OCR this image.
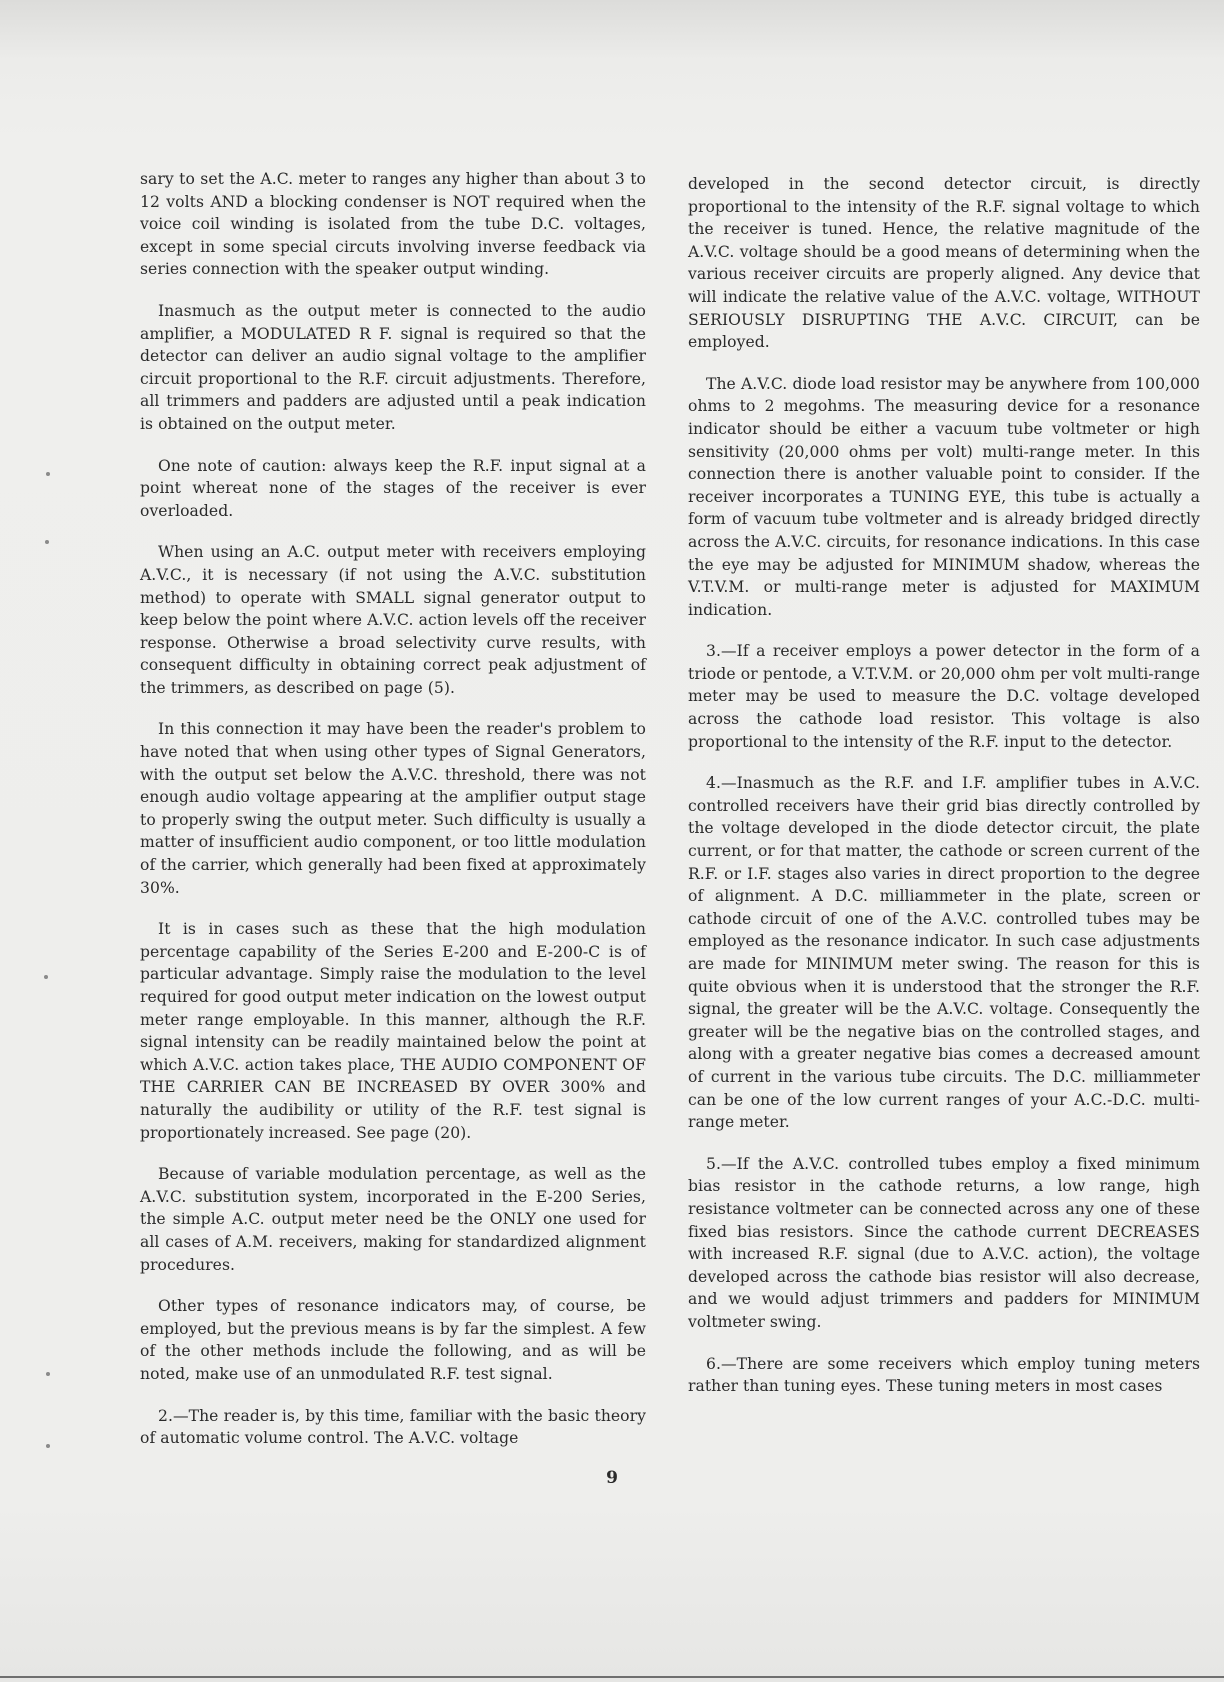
sary to set the A.C. meter to ranges any higher than about 3 to 12 volts AND a blocking condenser is NOT required when the voice coil winding is isolated from the tube D.C. voltages, except in some special circuts involving inverse feedback via series connection with the speaker output winding.

Inasmuch as the output meter is connected to the audio amplifier, a MODULATED R F. signal is required so that the detector can deliver an audio signal voltage to the amplifier circuit proportional to the R.F. circuit adjustments. Therefore, all trimmers and padders are adjusted until a peak indication is obtained on the output meter.

One note of caution: always keep the R.F. input signal at a point whereat none of the stages of the receiver is ever overloaded.

When using an A.C. output meter with receivers employing A.V.C., it is necessary (if not using the A.V.C. substitution method) to operate with SMALL signal generator output to keep below the point where A.V.C. action levels off the receiver response. Otherwise a broad selectivity curve results, with consequent difficulty in obtaining correct peak adjustment of the trimmers, as described on page (5).

In this connection it may have been the reader's problem to have noted that when using other types of Signal Generators, with the output set below the A.V.C. threshold, there was not enough audio voltage appearing at the amplifier output stage to properly swing the output meter. Such difficulty is usually a matter of insufficient audio component, or too little modulation of the carrier, which generally had been fixed at approximately 30%.

It is in cases such as these that the high modulation percentage capability of the Series E-200 and E-200-C is of particular advantage. Simply raise the modulation to the level required for good output meter indication on the lowest output meter range employable. In this manner, although the R.F. signal intensity can be readily maintained below the point at which A.V.C. action takes place, THE AUDIO COMPONENT OF THE CARRIER CAN BE INCREASED BY OVER 300% and naturally the audibility or utility of the R.F. test signal is proportionately increased. See page (20).

Because of variable modulation percentage, as well as the A.V.C. substitution system, incorporated in the E-200 Series, the simple A.C. output meter need be the ONLY one used for all cases of A.M. receivers, making for standardized alignment procedures.

Other types of resonance indicators may, of course, be employed, but the previous means is by far the simplest. A few of the other methods include the following, and as will be noted, make use of an unmodulated R.F. test signal.

2.—The reader is, by this time, familiar with the basic theory of automatic volume control. The A.V.C. voltage

developed in the second detector circuit, is directly proportional to the intensity of the R.F. signal voltage to which the receiver is tuned. Hence, the relative magnitude of the A.V.C. voltage should be a good means of determining when the various receiver circuits are properly aligned. Any device that will indicate the relative value of the A.V.C. voltage, WITHOUT SERIOUSLY DISRUPTING THE A.V.C. CIRCUIT, can be employed.

The A.V.C. diode load resistor may be anywhere from 100,000 ohms to 2 megohms. The measuring device for a resonance indicator should be either a vacuum tube voltmeter or high sensitivity (20,000 ohms per volt) multi-range meter. In this connection there is another valuable point to consider. If the receiver incorporates a TUNING EYE, this tube is actually a form of vacuum tube voltmeter and is already bridged directly across the A.V.C. circuits, for resonance indications. In this case the eye may be adjusted for MINIMUM shadow, whereas the V.T.V.M. or multi-range meter is adjusted for MAXIMUM indication.

3.—If a receiver employs a power detector in the form of a triode or pentode, a V.T.V.M. or 20,000 ohm per volt multi-range meter may be used to measure the D.C. voltage developed across the cathode load resistor. This voltage is also proportional to the intensity of the R.F. input to the detector.

4.—Inasmuch as the R.F. and I.F. amplifier tubes in A.V.C. controlled receivers have their grid bias directly controlled by the voltage developed in the diode detector circuit, the plate current, or for that matter, the cathode or screen current of the R.F. or I.F. stages also varies in direct proportion to the degree of alignment. A D.C. milliammeter in the plate, screen or cathode circuit of one of the A.V.C. controlled tubes may be employed as the resonance indicator. In such case adjustments are made for MINIMUM meter swing. The reason for this is quite obvious when it is understood that the stronger the R.F. signal, the greater will be the A.V.C. voltage. Consequently the greater will be the negative bias on the controlled stages, and along with a greater negative bias comes a decreased amount of current in the various tube circuits. The D.C. milliammeter can be one of the low current ranges of your A.C.-D.C. multi-range meter.

5.—If the A.V.C. controlled tubes employ a fixed minimum bias resistor in the cathode returns, a low range, high resistance voltmeter can be connected across any one of these fixed bias resistors. Since the cathode current DECREASES with increased R.F. signal (due to A.V.C. action), the voltage developed across the cathode bias resistor will also decrease, and we would adjust trimmers and padders for MINIMUM voltmeter swing.

6.—There are some receivers which employ tuning meters rather than tuning eyes. These tuning meters in most cases

9
